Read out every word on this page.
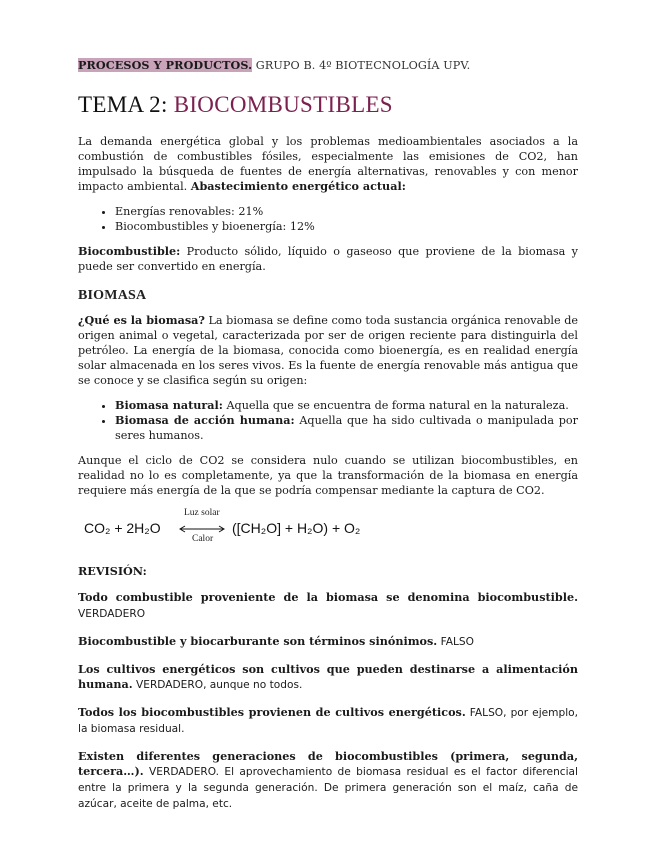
PROCESOS Y PRODUCTOS. GRUPO B. 4º BIOTECNOLOGÍA UPV.
TEMA 2: BIOCOMBUSTIBLES

La demanda energética global y los problemas medioambientales asociados a la combustión de combustibles fósiles, especialmente las emisiones de CO2, han impulsado la búsqueda de fuentes de energía alternativas, renovables y con menor impacto ambiental. Abastecimiento energético actual:

• Energías renovables: 21%
• Biocombustibles y bioenergía: 12%

Biocombustible: Producto sólido, líquido o gaseoso que proviene de la biomasa y puede ser convertido en energía.

BIOMASA

¿Qué es la biomasa? La biomasa se define como toda sustancia orgánica renovable de origen animal o vegetal, caracterizada por ser de origen reciente para distinguirla del petróleo. La energía de la biomasa, conocida como bioenergía, es en realidad energía solar almacenada en los seres vivos. Es la fuente de energía renovable más antigua que se conoce y se clasifica según su origen:

• Biomasa natural: Aquella que se encuentra de forma natural en la naturaleza.
• Biomasa de acción humana: Aquella que ha sido cultivada o manipulada por seres humanos.

Aunque el ciclo de CO2 se considera nulo cuando se utilizan biocombustibles, en realidad no lo es completamente, ya que la transformación de la biomasa en energía requiere más energía de la que se podría compensar mediante la captura de CO2.

CO₂ + 2H₂O
Luz solar
Calor
([CH₂O] + H₂O) + O₂
REVISIÓN:

Todo combustible proveniente de la biomasa se denomina biocombustible. VERDADERO

Biocombustible y biocarburante son términos sinónimos. FALSO

Los cultivos energéticos son cultivos que pueden destinarse a alimentación humana. VERDADERO, aunque no todos.

Todos los biocombustibles provienen de cultivos energéticos. FALSO, por ejemplo, la biomasa residual.

Existen diferentes generaciones de biocombustibles (primera, segunda, tercera…). VERDADERO. El aprovechamiento de biomasa residual es el factor diferencial entre la primera y la segunda generación. De primera generación son el maíz, caña de azúcar, aceite de palma, etc.
